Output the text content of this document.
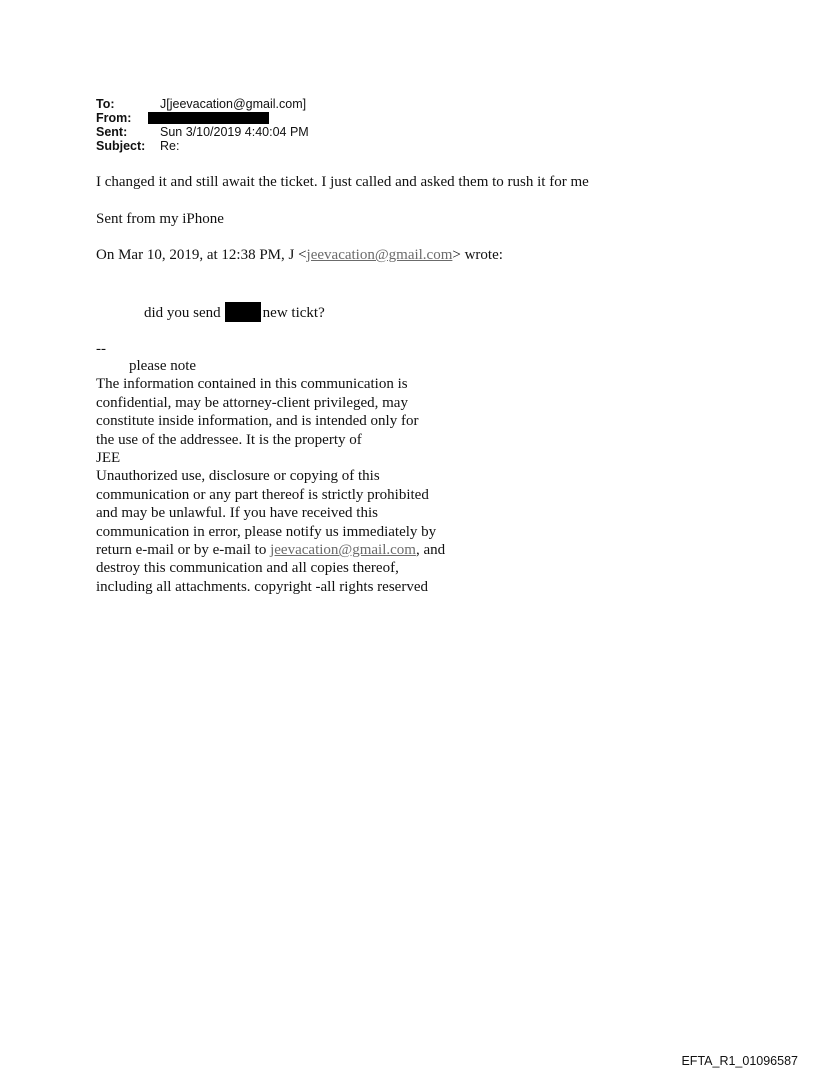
To:	J[jeevacation@gmail.com]
From:
Sent:	Sun 3/10/2019 4:40:04 PM
Subject:	Re:
I changed it and still await the ticket. I just called and asked them to rush it for me
Sent from my iPhone
On Mar 10, 2019, at 12:38 PM, J <jeevacation@gmail.com> wrote:
did you send	new tickt?
--
please note
The information contained in this communication is
confidential, may be attorney-client privileged, may
constitute inside information, and is intended only for
the use of the addressee. It is the property of
JEE
Unauthorized use, disclosure or copying of this
communication or any part thereof is strictly prohibited
and may be unlawful. If you have received this
communication in error, please notify us immediately by
return e-mail or by e-mail to jeevacation@gmail.com, and
destroy this communication and all copies thereof,
including all attachments. copyright -all rights reserved
EFTA_R1_01096587
